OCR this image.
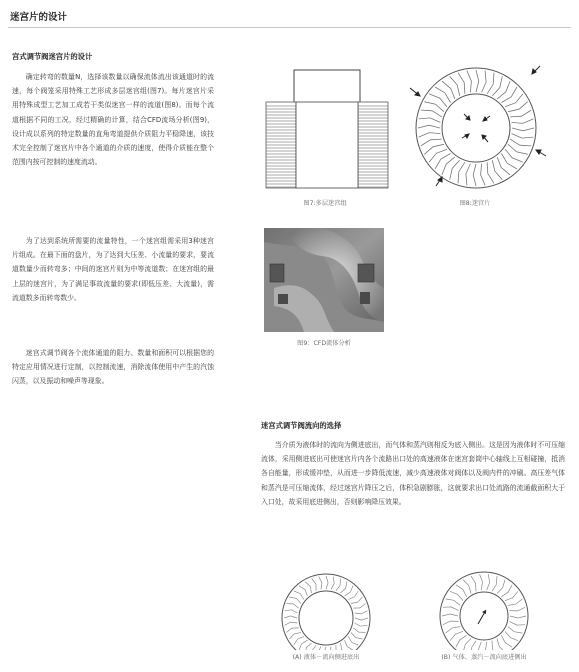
迷宫片的设计
宫式调节阀迷宫片的设计

确定转弯的数量N，选择该数量以确保流体流出该通道时的流速，每个阀笼采用特殊工艺形成多层迷宫组(图7)。每片迷宫片采用特殊成型工艺加工成若干类似迷宫一样的流道(图8)。而每个流道根据不同的工况，经过精确的计算，结合CFD流场分析(图9)，设计成以系列的特定数量的直角弯道提供介质阻力平稳降速，该技术完全控制了迷宫片中各个通道的介质的速度，使得介质能在整个范围内按可控制的速度流动。

为了达到系统所需要的流量特性，一个迷宫组需采用3种迷宫片组成。在最下面的盘片，为了达到大压差、小流量的要求，要流道数量少而转弯多；中间的迷宫片则为中等流道数；在迷宫组的最上层的迷宫片，为了满足事故流量的要求(即低压差、大流量)，需流道数多而转弯数少。

迷宫式调节阀各个流体通道的阻力、数量和面积可以根据您的特定应用情况进行定制，以控制流速，消除流体使用中产生的汽蚀闪蒸，以及振动和噪声等现象。

图7:多层迷宫组	图8:迷宫片
图9：CFD流体分析
迷宫式调节阀流向的选择

当介质为液体时的流向为侧进底出，而气体和蒸汽则相反为底入侧出。这是因为液体时不可压缩流体，采用侧进底出可使迷宫片内各个流路出口处的高速液体在迷宫套筒中心轴线上互相碰撞，抵消各自能量，形成缓冲垫，从而进一步降低流速，减少高速液体对阀体以及阀内件的冲刷。高压差气体和蒸汽是可压缩流体，经过迷宫片降压之后，体积急剧膨胀，这就要求出口处流路的流通截面积大于入口处，故采用底进侧出，否则影响降压效果。

(A) 液体－流向侧进底出	(B) 气体、蒸汽－流向底进侧出
